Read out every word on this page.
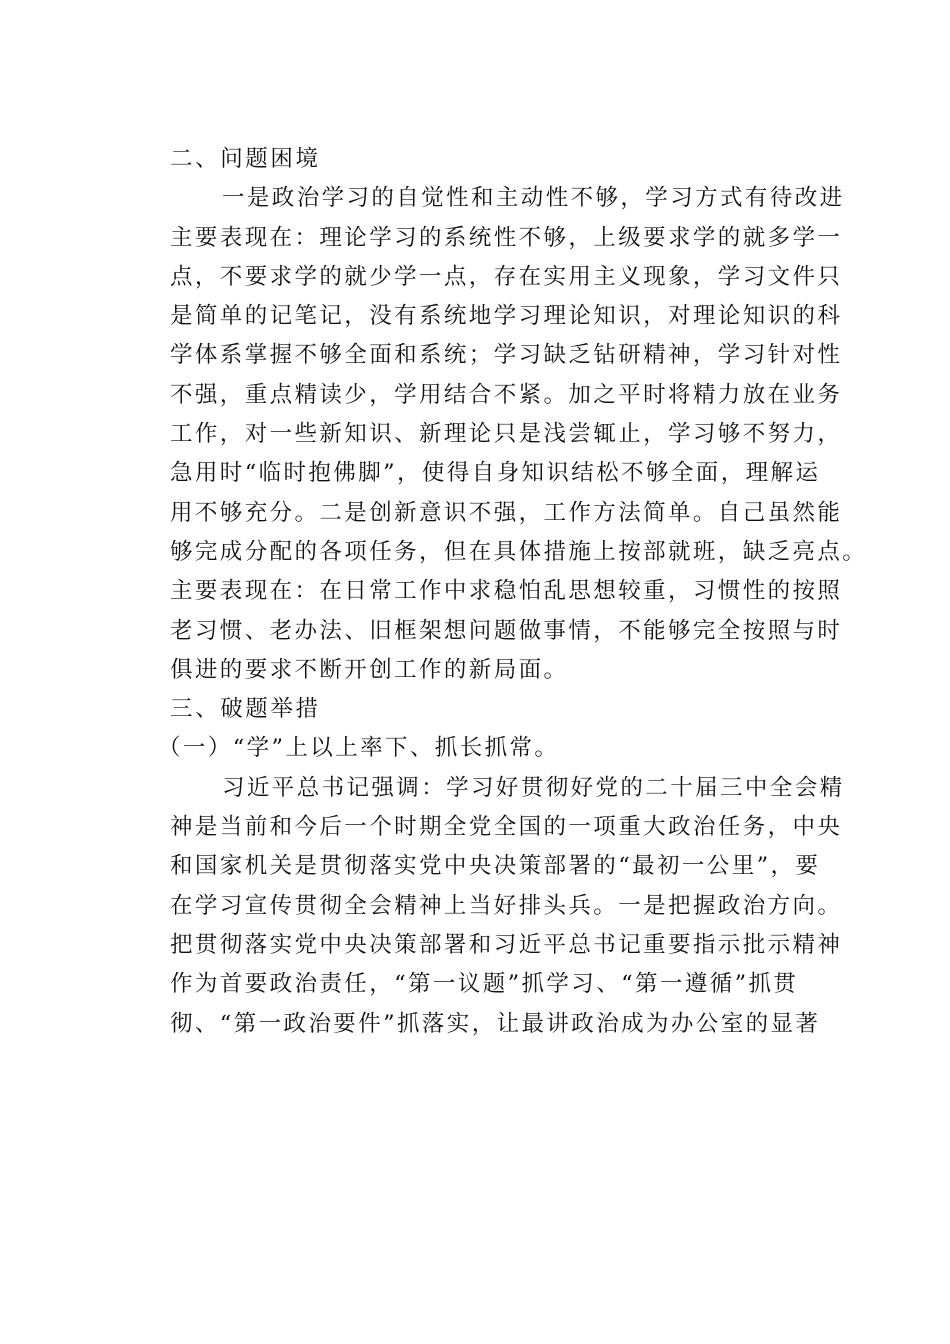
二、问题困境
一是政治学习的自觉性和主动性不够，学习方式有待改进
主要表现在：理论学习的系统性不够，上级要求学的就多学一
点，不要求学的就少学一点，存在实用主义现象，学习文件只
是简单的记笔记，没有系统地学习理论知识，对理论知识的科
学体系掌握不够全面和系统；学习缺乏钻研精神，学习针对性
不强，重点精读少，学用结合不紧。加之平时将精力放在业务
工作，对一些新知识、新理论只是浅尝辄止，学习够不努力，
急用时“临时抱佛脚”，使得自身知识结松不够全面，理解运
用不够充分。二是创新意识不强，工作方法简单。自己虽然能
够完成分配的各项任务，但在具体措施上按部就班，缺乏亮点。
主要表现在：在日常工作中求稳怕乱思想较重，习惯性的按照
老习惯、老办法、旧框架想问题做事情，不能够完全按照与时
俱进的要求不断开创工作的新局面。
三、破题举措
（一）“学”上以上率下、抓长抓常。
习近平总书记强调：学习好贯彻好党的二十届三中全会精
神是当前和今后一个时期全党全国的一项重大政治任务，中央
和国家机关是贯彻落实党中央决策部署的“最初一公里”，要
在学习宣传贯彻全会精神上当好排头兵。一是把握政治方向。
把贯彻落实党中央决策部署和习近平总书记重要指示批示精神
作为首要政治责任，“第一议题”抓学习、“第一遵循”抓贯
彻、“第一政治要件”抓落实，让最讲政治成为办公室的显著
